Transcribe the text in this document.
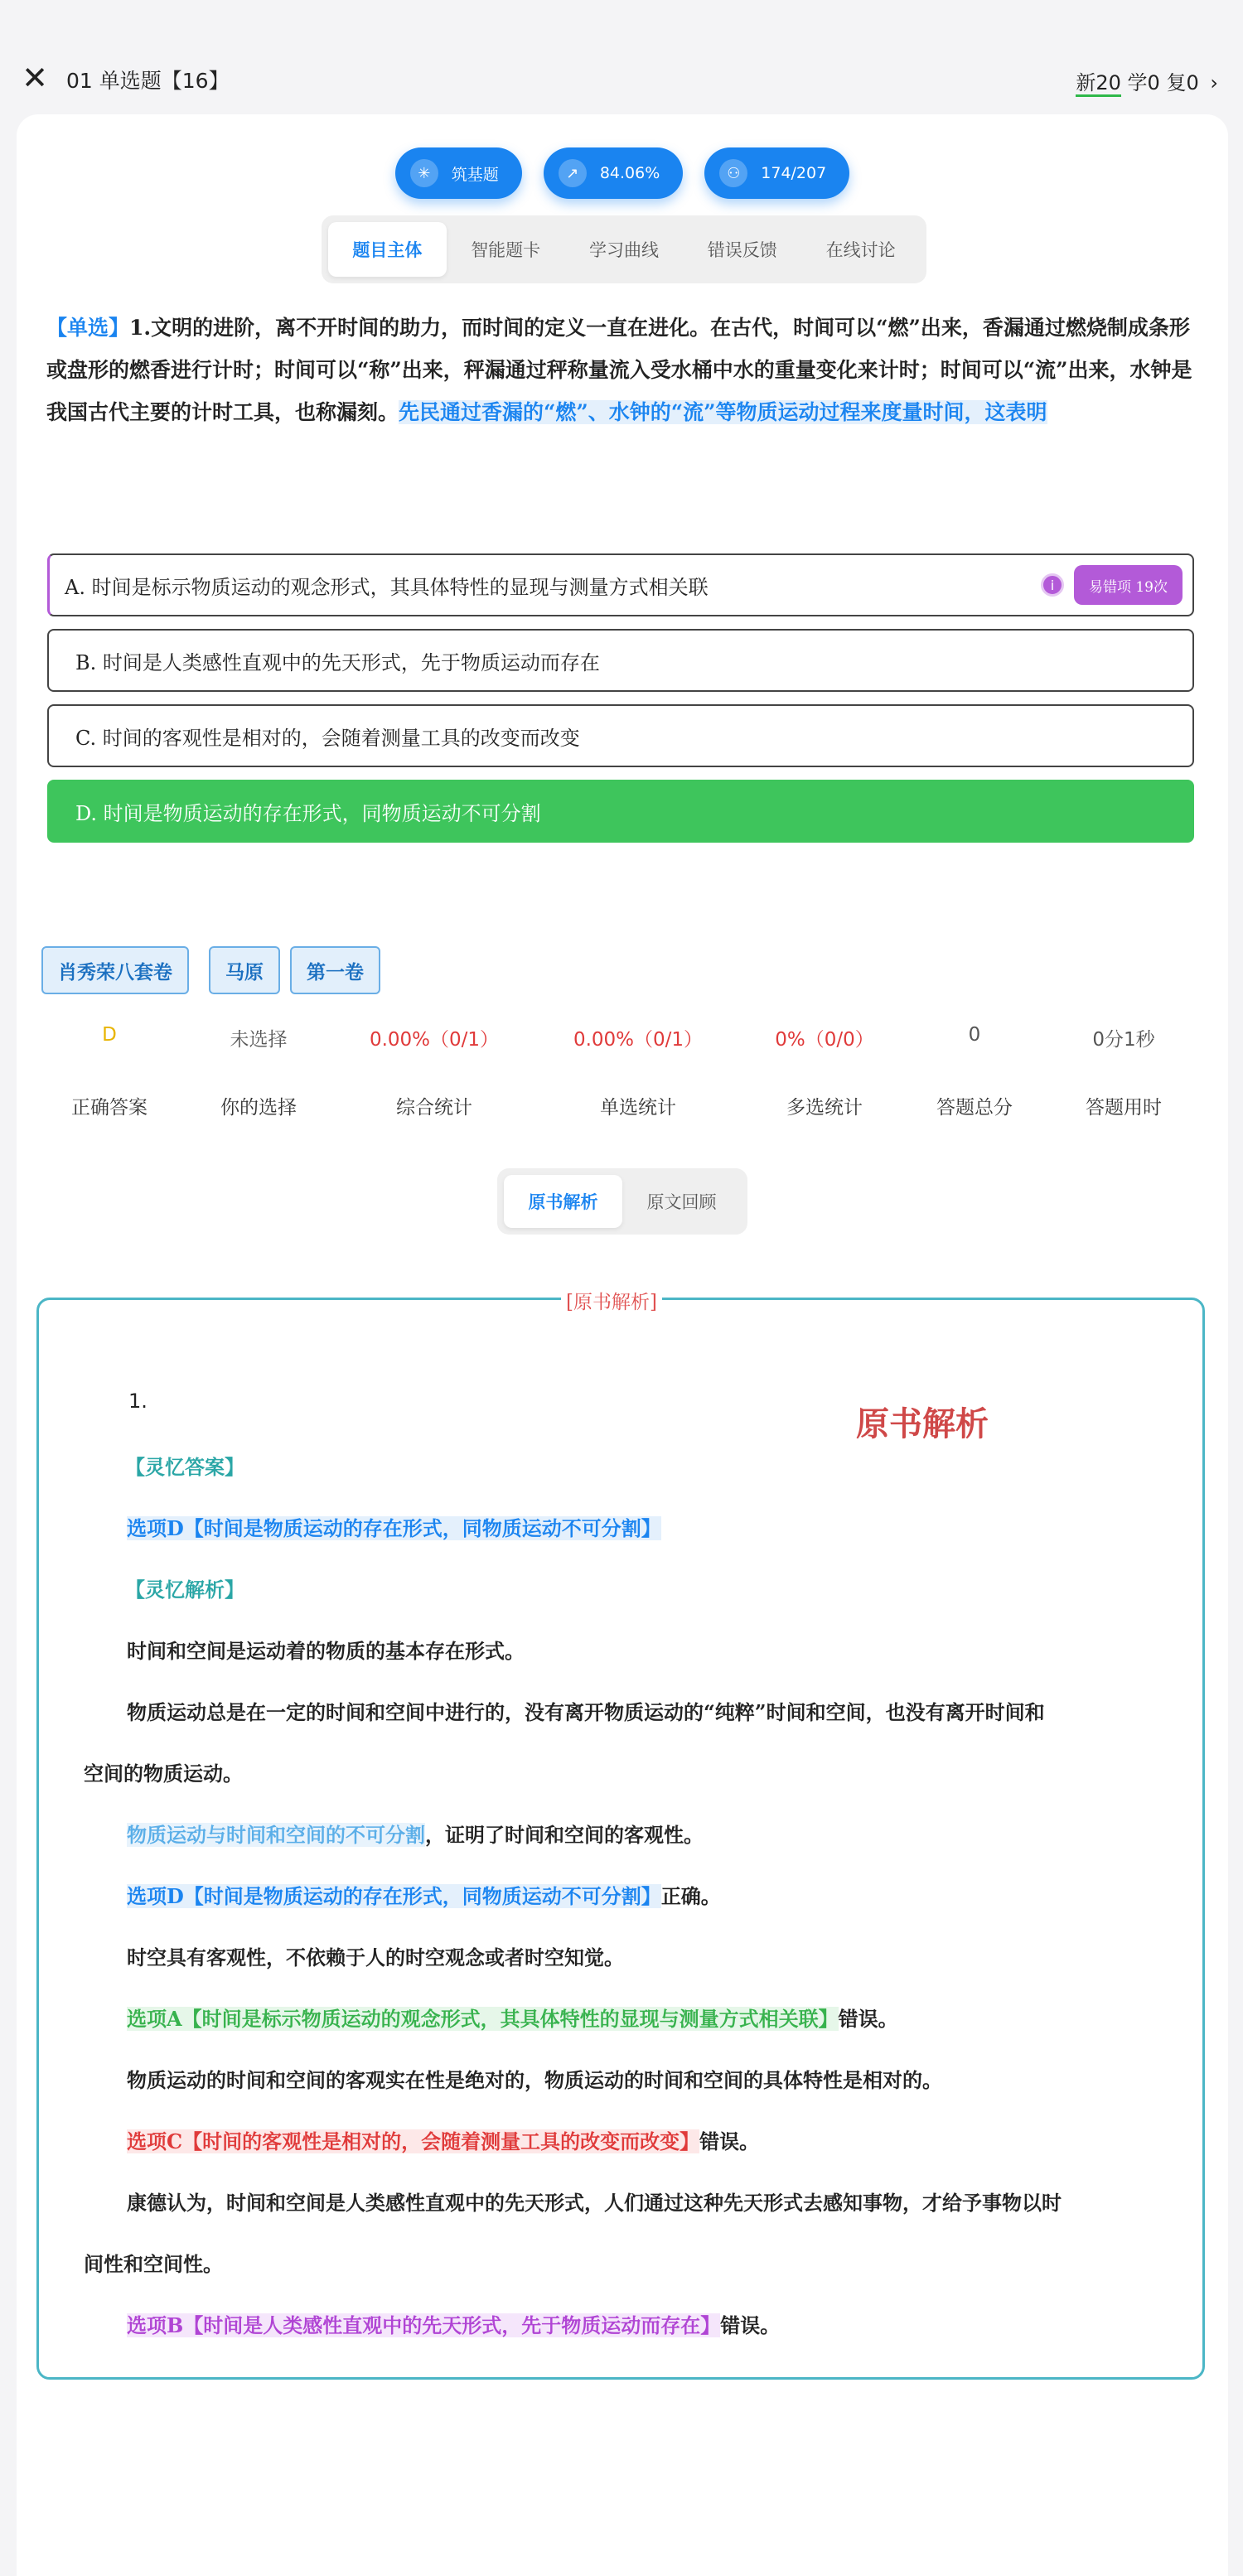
✕ 01 单选题【16】	新20 学0 复0 ›
✳	筑基题	↗	84.06%	⚇	174/207
题目主体	智能题卡	学习曲线	错误反馈	在线讨论
【单选】1.文明的进阶，离不开时间的助力，而时间的定义一直在进化。在古代，时间可以“燃”出来，香漏通过燃烧制成条形或盘形的燃香进行计时；时间可以“称”出来，秤漏通过秤称量流入受水桶中水的重量变化来计时；时间可以“流”出来，水钟是我国古代主要的计时工具，也称漏刻。先民通过香漏的“燃”、水钟的“流”等物质运动过程来度量时间，这表明
A. 时间是标示物质运动的观念形式，其具体特性的显现与测量方式相关联	i	易错项 19次
B. 时间是人类感性直观中的先天形式，先于物质运动而存在
C. 时间的客观性是相对的，会随着测量工具的改变而改变
D. 时间是物质运动的存在形式，同物质运动不可分割
肖秀荣八套卷	马原	第一卷
D	未选择	0.00%（0/1）	0.00%（0/1）	0%（0/0）	0	0分1秒
正确答案	你的选择	综合统计	单选统计	多选统计	答题总分	答题用时
原书解析	原文回顾
[原书解析]
原书解析
1.
【灵忆答案】
选项D【时间是物质运动的存在形式，同物质运动不可分割】
【灵忆解析】
时间和空间是运动着的物质的基本存在形式。
物质运动总是在一定的时间和空间中进行的，没有离开物质运动的“纯粹”时间和空间，也没有离开时间和
空间的物质运动。
物质运动与时间和空间的不可分割，证明了时间和空间的客观性。
选项D【时间是物质运动的存在形式，同物质运动不可分割】正确。
时空具有客观性，不依赖于人的时空观念或者时空知觉。
选项A【时间是标示物质运动的观念形式，其具体特性的显现与测量方式相关联】错误。
物质运动的时间和空间的客观实在性是绝对的，物质运动的时间和空间的具体特性是相对的。
选项C【时间的客观性是相对的，会随着测量工具的改变而改变】错误。
康德认为，时间和空间是人类感性直观中的先天形式，人们通过这种先天形式去感知事物，才给予事物以时
间性和空间性。
选项B【时间是人类感性直观中的先天形式，先于物质运动而存在】错误。
